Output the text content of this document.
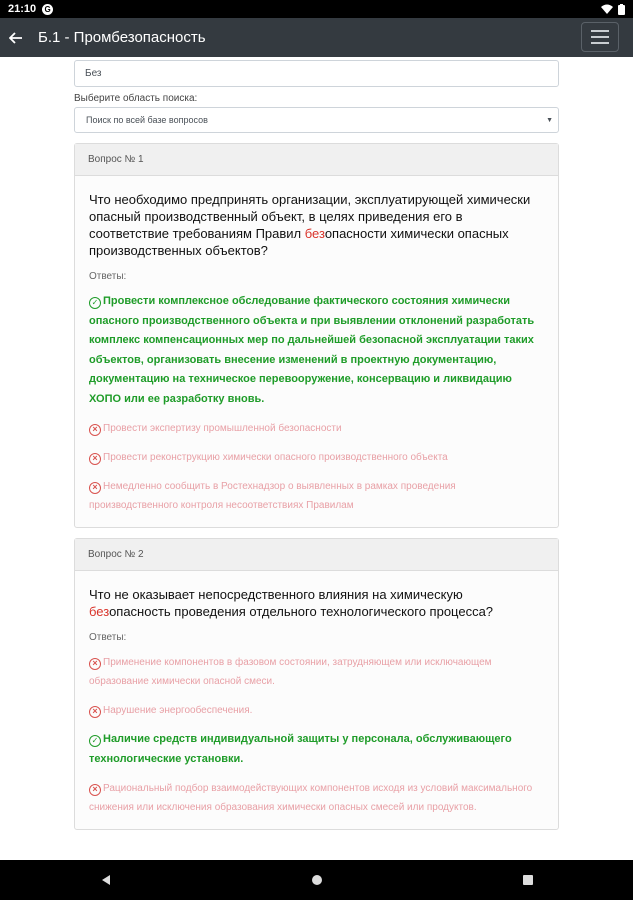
21:10 G
Б.1 - Промбезопасность
Без
Выберите область поиска:
Поиск по всей базе вопросов	▼
Вопрос № 1
Что необходимо предпринять организации, эксплуатирующей химически опасный производственный объект, в целях приведения его в соответствие требованиям Правил безопасности химически опасных производственных объектов?
Ответы:
✓ Провести комплексное обследование фактического состояния химически опасного производственного объекта и при выявлении отклонений разработать комплекс компенсационных мер по дальнейшей безопасной эксплуатации таких объектов, организовать внесение изменений в проектную документацию, документацию на техническое перевооружение, консервацию и ликвидацию ХОПО или ее разработку вновь.
× Провести экспертизу промышленной безопасности
× Провести реконструкцию химически опасного производственного объекта
× Немедленно сообщить в Ростехнадзор о выявленных в рамках проведения производственного контроля несоответствиях Правилам
Вопрос № 2
Что не оказывает непосредственного влияния на химическую безопасность проведения отдельного технологического процесса?
Ответы:
× Применение компонентов в фазовом состоянии, затрудняющем или исключающем образование химически опасной смеси.
× Нарушение энергообеспечения.
✓ Наличие средств индивидуальной защиты у персонала, обслуживающего технологические установки.
× Рациональный подбор взаимодействующих компонентов исходя из условий максимального снижения или исключения образования химически опасных смесей или продуктов.
